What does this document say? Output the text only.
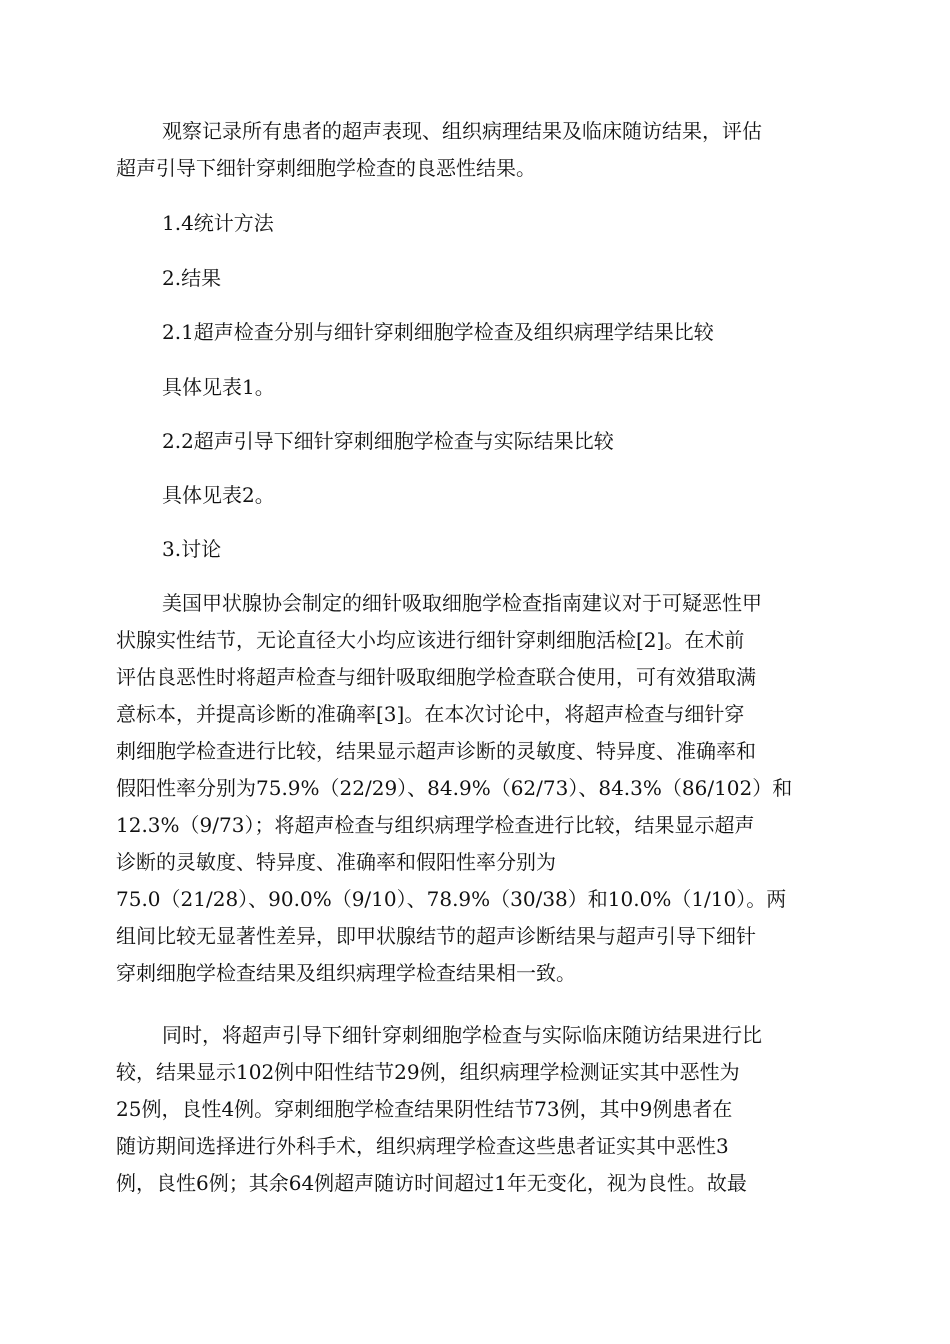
观察记录所有患者的超声表现、组织病理结果及临床随访结果，评估
超声引导下细针穿刺细胞学检查的良恶性结果。
1.4统计方法
2.结果
2.1超声检查分别与细针穿刺细胞学检查及组织病理学结果比较
具体见表1。
2.2超声引导下细针穿刺细胞学检查与实际结果比较
具体见表2。
3.讨论
美国甲状腺协会制定的细针吸取细胞学检查指南建议对于可疑恶性甲
状腺实性结节，无论直径大小均应该进行细针穿刺细胞活检[2]。在术前
评估良恶性时将超声检查与细针吸取细胞学检查联合使用，可有效猎取满
意标本，并提高诊断的准确率[3]。在本次讨论中，将超声检查与细针穿
刺细胞学检查进行比较，结果显示超声诊断的灵敏度、特异度、准确率和
假阳性率分别为75.9%（22/29）、84.9%（62/73）、84.3%（86/102）和
12.3%（9/73）；将超声检查与组织病理学检查进行比较，结果显示超声
诊断的灵敏度、特异度、准确率和假阳性率分别为
75.0（21/28）、90.0%（9/10）、78.9%（30/38）和10.0%（1/10）。两
组间比较无显著性差异，即甲状腺结节的超声诊断结果与超声引导下细针
穿刺细胞学检查结果及组织病理学检查结果相一致。
同时，将超声引导下细针穿刺细胞学检查与实际临床随访结果进行比
较，结果显示102例中阳性结节29例，组织病理学检测证实其中恶性为
25例，良性4例。穿刺细胞学检查结果阴性结节73例，其中9例患者在
随访期间选择进行外科手术，组织病理学检查这些患者证实其中恶性3
例，良性6例；其余64例超声随访时间超过1年无变化，视为良性。故最
